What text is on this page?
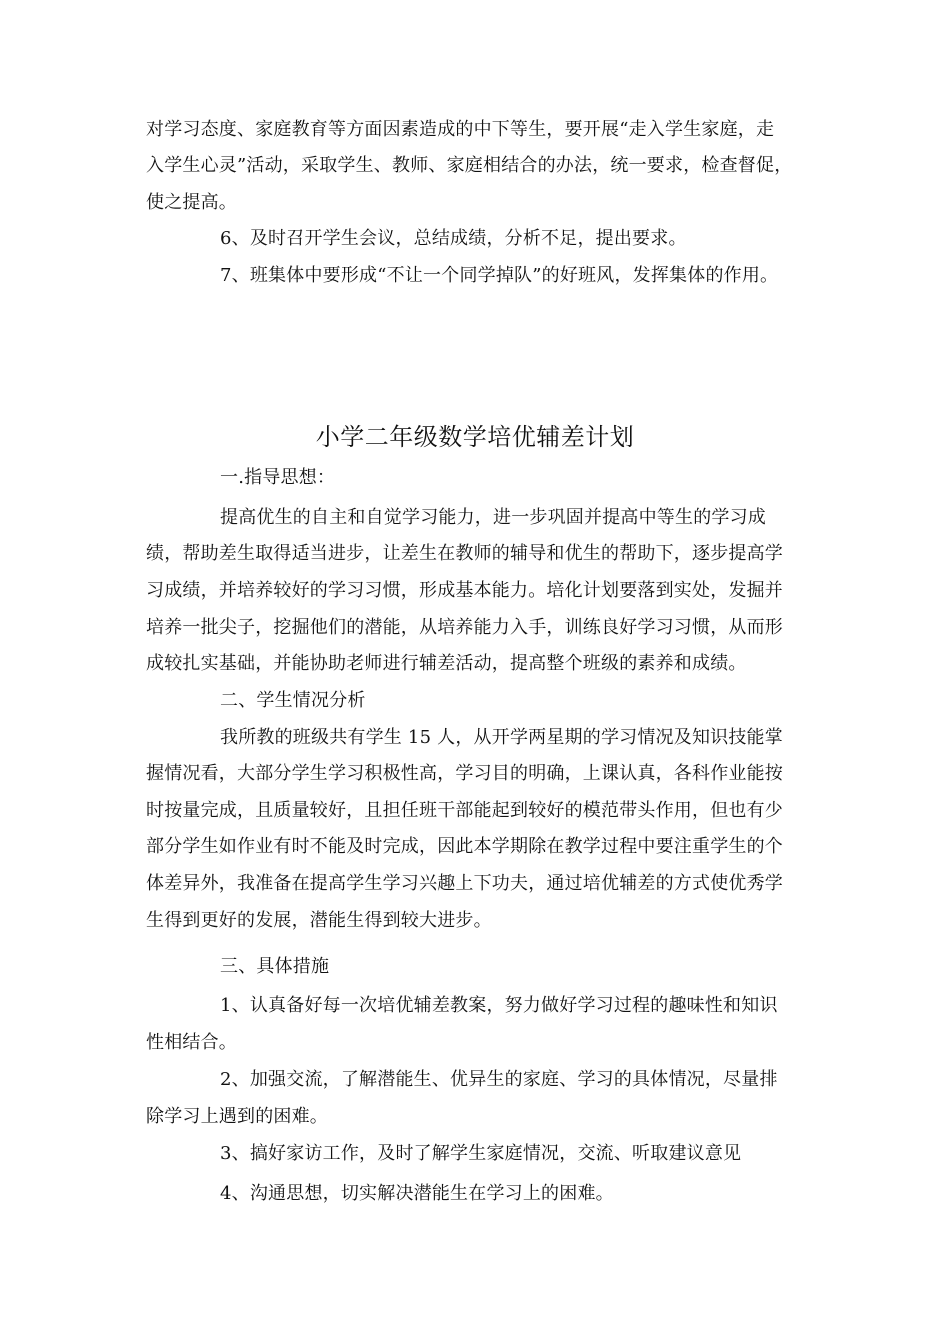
对学习态度、家庭教育等方面因素造成的中下等生，要开展“走入学生家庭，走
入学生心灵”活动，采取学生、教师、家庭相结合的办法，统一要求，检查督促，
使之提高。
6、及时召开学生会议，总结成绩，分析不足，提出要求。
7、班集体中要形成“不让一个同学掉队”的好班风，发挥集体的作用。
小学二年级数学培优辅差计划
一.指导思想：
提高优生的自主和自觉学习能力，进一步巩固并提高中等生的学习成
绩，帮助差生取得适当进步，让差生在教师的辅导和优生的帮助下，逐步提高学
习成绩，并培养较好的学习习惯，形成基本能力。培化计划要落到实处，发掘并
培养一批尖子，挖掘他们的潜能，从培养能力入手，训练良好学习习惯，从而形
成较扎实基础，并能协助老师进行辅差活动，提高整个班级的素养和成绩。
二、学生情况分析
我所教的班级共有学生 15 人，从开学两星期的学习情况及知识技能掌
握情况看，大部分学生学习积极性高，学习目的明确，上课认真，各科作业能按
时按量完成，且质量较好，且担任班干部能起到较好的模范带头作用，但也有少
部分学生如作业有时不能及时完成，因此本学期除在教学过程中要注重学生的个
体差异外，我准备在提高学生学习兴趣上下功夫，通过培优辅差的方式使优秀学
生得到更好的发展，潜能生得到较大进步。
三、具体措施
1、认真备好每一次培优辅差教案，努力做好学习过程的趣味性和知识
性相结合。
2、加强交流，了解潜能生、优异生的家庭、学习的具体情况，尽量排
除学习上遇到的困难。
3、搞好家访工作，及时了解学生家庭情况，交流、听取建议意见
4、沟通思想，切实解决潜能生在学习上的困难。
